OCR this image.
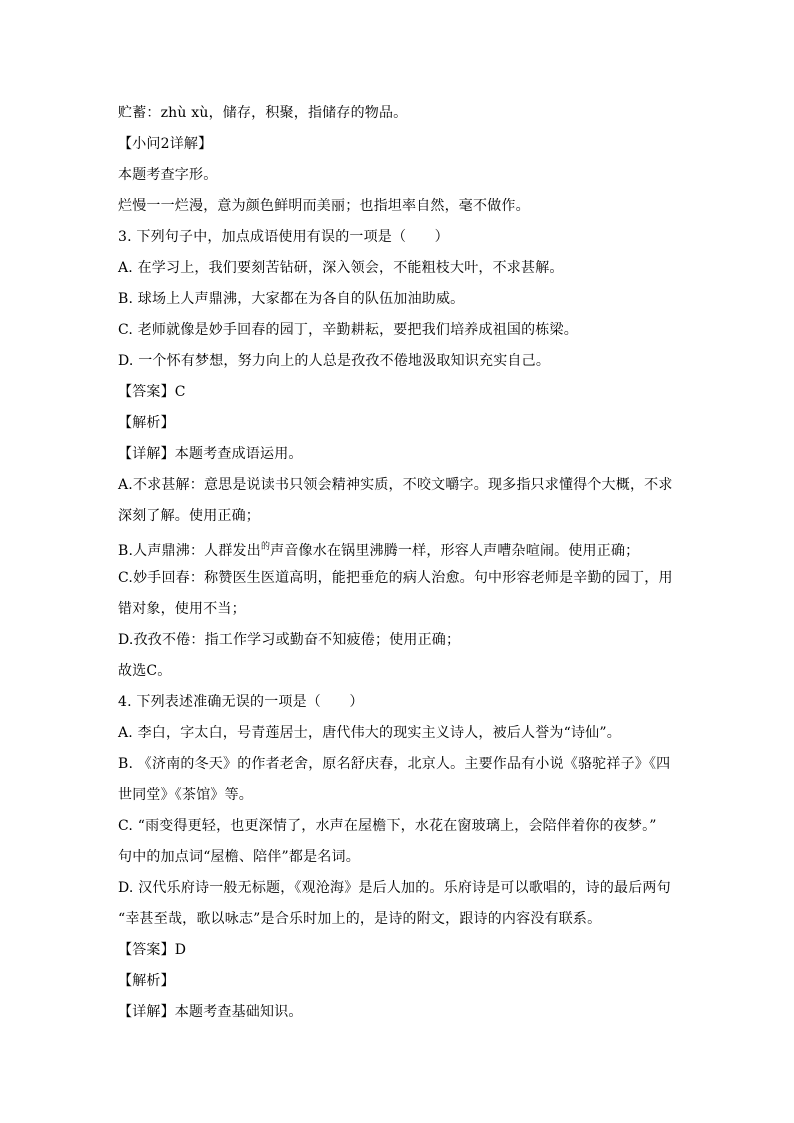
贮蓄：zhù xù，储存，积聚，指储存的物品。
【小问2详解】
本题考查字形。
烂慢一一烂漫，意为颜色鲜明而美丽；也指坦率自然，毫不做作。
3. 下列句子中，加点成语使用有误的一项是（　　）
A. 在学习上，我们要刻苦钻研，深入领会，不能粗枝大叶，不求甚解。
B. 球场上人声鼎沸，大家都在为各自的队伍加油助威。
C. 老师就像是妙手回春的园丁，辛勤耕耘，要把我们培养成祖国的栋梁。
D. 一个怀有梦想，努力向上的人总是孜孜不倦地汲取知识充实自己。
【答案】C
【解析】
【详解】本题考查成语运用。
A.不求甚解：意思是说读书只领会精神实质，不咬文嚼字。现多指只求懂得个大概，不求
深刻了解。使用正确；
B.人声鼎沸：人群发出$^的$声音像水在锅里沸腾一样，形容人声嘈杂喧闹。使用正确；
C.妙手回春：称赞医生医道高明，能把垂危的病人治愈。句中形容老师是辛勤的园丁，用
错对象，使用不当；
D.孜孜不倦：指工作学习或勤奋不知疲倦；使用正确；
故选C。
4. 下列表述准确无误的一项是（　　）
A. 李白，字太白，号青莲居士，唐代伟大的现实主义诗人，被后人誉为“诗仙”。
B. 《济南的冬天》的作者老舍，原名舒庆春，北京人。主要作品有小说《骆驼祥子》《四
世同堂》《茶馆》等。
C. “雨变得更轻，也更深情了，水声在屋檐下，水花在窗玻璃上，会陪伴着你的夜梦。”
句中的加点词“屋檐、陪伴”都是名词。
D. 汉代乐府诗一般无标题，《观沧海》是后人加的。乐府诗是可以歌唱的，诗的最后两句
“幸甚至哉，歌以咏志”是合乐时加上的，是诗的附文，跟诗的内容没有联系。
【答案】D
【解析】
【详解】本题考查基础知识。
